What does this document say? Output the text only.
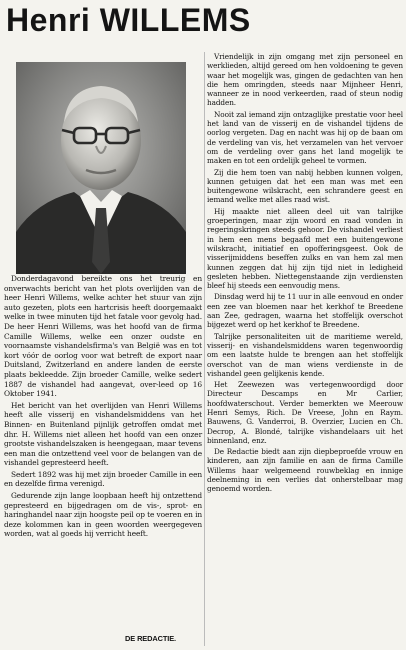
Henri WILLEMS

Donderdagavond bereikte ons het treurig en onverwachts bericht van het plots overlijden van de heer Henri Willems, welke achter het stuur van zijn auto gezeten, plots een hartcrisis heeft doorgemaakt welke in twee minuten tijd het fatale voor gevolg had. De heer Henri Willems, was het hoofd van de firma Camille Willems, welke een onzer oudste en voornaamste vishandelsfirma's van België was en tot kort vóór de oorlog voor wat betreft de export naar Duitsland, Zwitzerland en andere landen de eerste plaats bekleedde. Zijn broeder Camille, welke sedert 1887 de vishandel had aangevat, over-leed op 16 Oktober 1941.

Het bericht van het overlijden van Henri Willems heeft alle visserij en vishandelsmiddens van het Binnen- en Buitenland pijnlijk getroffen omdat met dhr. H. Willems niet alleen het hoofd van een onzer grootste vishandelszaken is heengegaan, maar tevens een man die ontzettend veel voor de belangen van de vishandel gepresteerd heeft.

Sedert 1892 was hij met zijn broeder Camille in een en dezelfde firma verenigd.

Gedurende zijn lange loopbaan heeft hij ontzettend gepresteerd en bijgedragen om de vis-, sprot- en haringhandel naar zijn hoogste peil op te voeren en in deze kolommen kan in geen woorden weergegeven worden, wat al goeds hij verricht heeft.

DE REDACTIE.

Vriendelijk in zijn omgang met zijn personeel en werklieden, altijd gereed om hen voldoening te geven waar het mogelijk was, gingen de gedachten van hen die hem omringden, steeds naar Mijnheer Henri, wanneer ze in nood verkeerden, raad of steun nodig hadden.

Nooit zal iemand zijn ontzaglijke prestatie voor heel het land van de visserij en de vishandel tijdens de oorlog vergeten. Dag en nacht was hij op de baan om de verdeling van vis, het verzamelen van het vervoer om de verdeling over gans het land mogelijk te maken en tot een ordelijk geheel te vormen.

Zij die hem toen van nabij hebben kunnen volgen, kunnen getuigen dat het een man was met een buitengewone wilskracht, een schrandere geest en iemand welke met alles raad wist.

Hij maakte niet alleen deel uit van talrijke groeperingen, maar zijn woord en raad vonden in regeringskringen steeds gehoor. De vishandel verliest in hem een mens begaafd met een buitengewone wilskracht, initiatief en opofferingsgeest. Ook de visserijmiddens beseffen zulks en van hem zal men kunnen zeggen dat hij zijn tijd niet in ledigheid gesleten hebben. Niettegenstaande zijn verdiensten bleef hij steeds een eenvoudig mens.

Dinsdag werd hij te 11 uur in alle eenvoud en onder een zee van bloemen naar het kerkhof te Breedene aan Zee, gedragen, waarna het stoffelijk overschot bijgezet werd op het kerkhof te Breedene.

Talrijke personaliteiten uit de maritieme wereld, visserij- en vishandelsmiddens waren tegenwoordig om een laatste hulde te brengen aan het stoffelijk overschot van de man wiens verdienste in de vishandel geen gelijkenis kende.

Het Zeewezen was vertegenwoordigd door Directeur Descamps en Mr Carlier, hoofdwaterschout. Verder bemerkten we Meerouw Henri Semys, Rich. De Vreese, John en Raym. Bauwens, G. Vanderroi, B. Overzier, Lucien en Ch. Decrop, A. Blondé, talrijke vishandelaars uit het binnenland, enz.

De Redactie biedt aan zijn diepbeproefde vrouw en kinderen, aan zijn familie en aan de firma Camille Willems haar welgemeend rouwbeklag en innige deelneming in een verlies dat onherstelbaar mag genoemd worden.
